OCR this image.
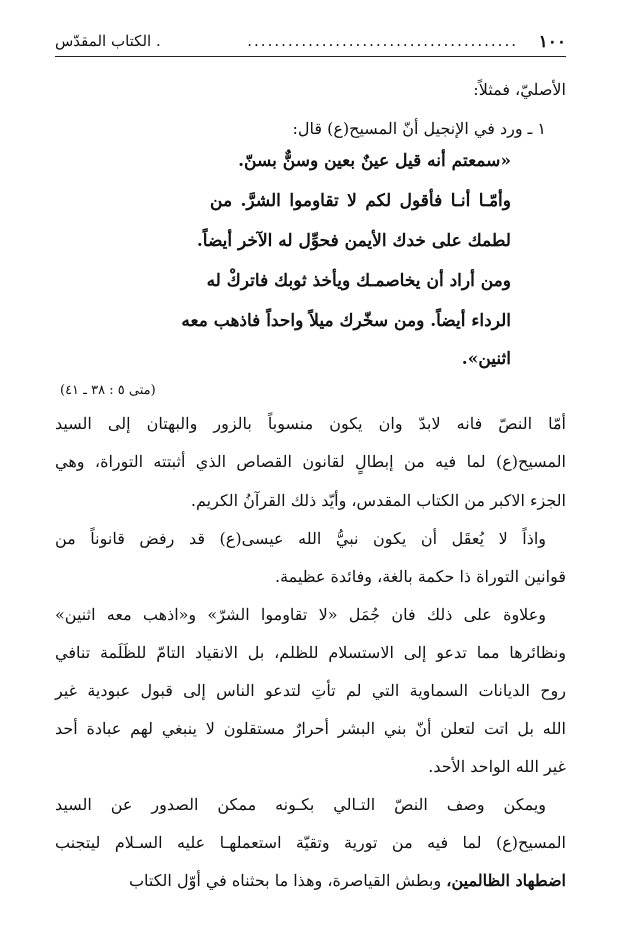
١٠٠
........................................
. الكتاب المقدّس
الأصليّ، فمثلاً:
١ ـ ورد في الإنجيل أنّ المسيح(ع) قال:
«سمعتم أنه قيل عينٌ بعين وسنٌّ بسنّ.
وأمّـا أنـا فأقول لكم لا تقاوموا الشرَّ. من
لطمك على خدك الأيمن فحوِّل له الآخر أيضاً.
ومن أراد أن يخاصمـك ويأخذ ثوبك فاتركْ له
الرداء أيضاً. ومن سخّرك ميلاً واحداً فاذهب معه
اثنين».
(متى ٥ : ٣٨ ـ ٤١)
أمّا النصّ فانه لابدّ وان يكون منسوباً بالزور والبهتان إلى السيد
المسيح(ع) لما فيه من إبطالٍ لقانون القصاص الذي أثبتته التوراة، وهي
الجزء الاكبر من الكتاب المقدس، وأيّد ذلك القرآنُ الكريم.
واذاً لا يُعقَل أن يكون نبيُّ الله عيسى(ع) قد رفض قانوناً من
قوانين التوراة ذا حكمة بالغة، وفائدة عظيمة.
وعلاوة على ذلك فان جُمَل «لا تقاوموا الشرّ» و«اذهب معه اثنين»
ونظائرها مما تدعو إلى الاستسلام للظلم، بل الانقياد التامّ للظَلَمة تنافي
روح الديانات السماوية التي لم تأتِ لتدعو الناس إلى قبول عبودية غير
الله بل اتت لتعلن أنّ بني البشر أحرارٌ مستقلون لا ينبغي لهم عبادة أحد
غير الله الواحد الأحد.
ويمكن وصف النصّ التـالي بكـونه ممكن الصدور عن السيد
المسيح(ع) لما فيه من تورية وتقيّة استعملهـا عليه السـلام ليتجنب
اضطهاد الظالمين، وبطش القياصرة، وهذا ما بحثناه في أوّل الكتاب
